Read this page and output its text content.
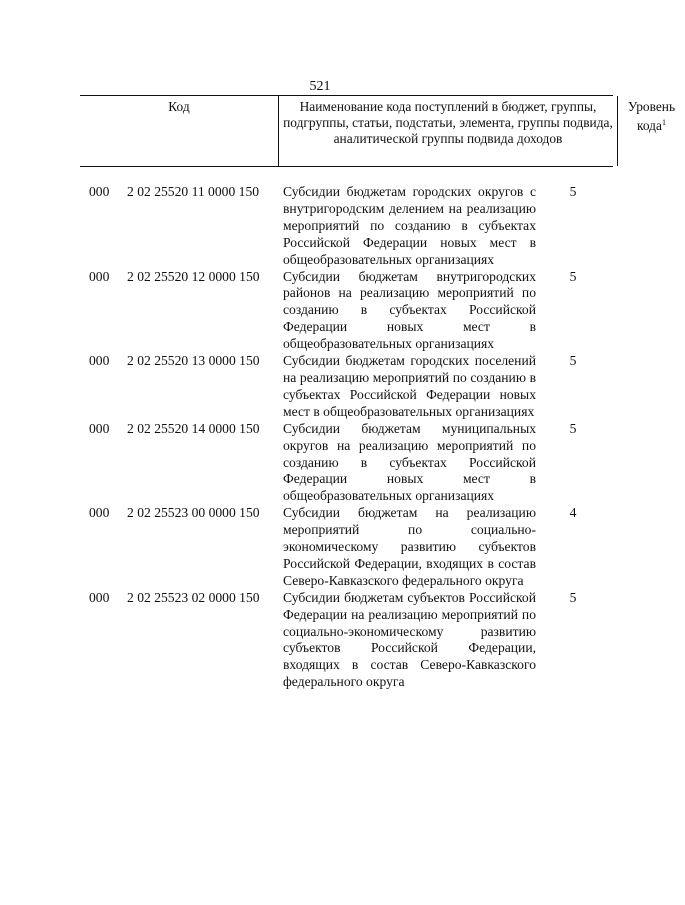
521
Код	Наименование кода поступлений в бюджет, группы, подгруппы, статьи, подстатьи, элемента, группы подвида, аналитической группы подвида доходов
Уровень кода$^1$
000 2 02 25520 11 0000 150 Субсидии бюджетам городских округов с внутригородским делением на реализацию мероприятий по созданию в субъектах Российской Федерации новых мест в общеобразовательных организациях
5
000 2 02 25520 12 0000 150 Субсидии бюджетам внутригородских районов на реализацию мероприятий по созданию в субъектах Российской Федерации новых мест в общеобразовательных организациях
5
000 2 02 25520 13 0000 150 Субсидии бюджетам городских поселений на реализацию мероприятий по созданию в субъектах Российской Федерации новых мест в общеобразовательных организациях
5
000 2 02 25520 14 0000 150 Субсидии бюджетам муниципальных округов на реализацию мероприятий по созданию в субъектах Российской Федерации новых мест в общеобразовательных организациях
5
000 2 02 25523 00 0000 150 Субсидии бюджетам на реализацию мероприятий по социально-экономическому развитию субъектов Российской Федерации, входящих в состав Северо-Кавказского федерального округа
4
000 2 02 25523 02 0000 150 Субсидии бюджетам субъектов Российской Федерации на реализацию мероприятий по социально-экономическому развитию субъектов Российской Федерации, входящих в состав Северо-Кавказского федерального округа
5
